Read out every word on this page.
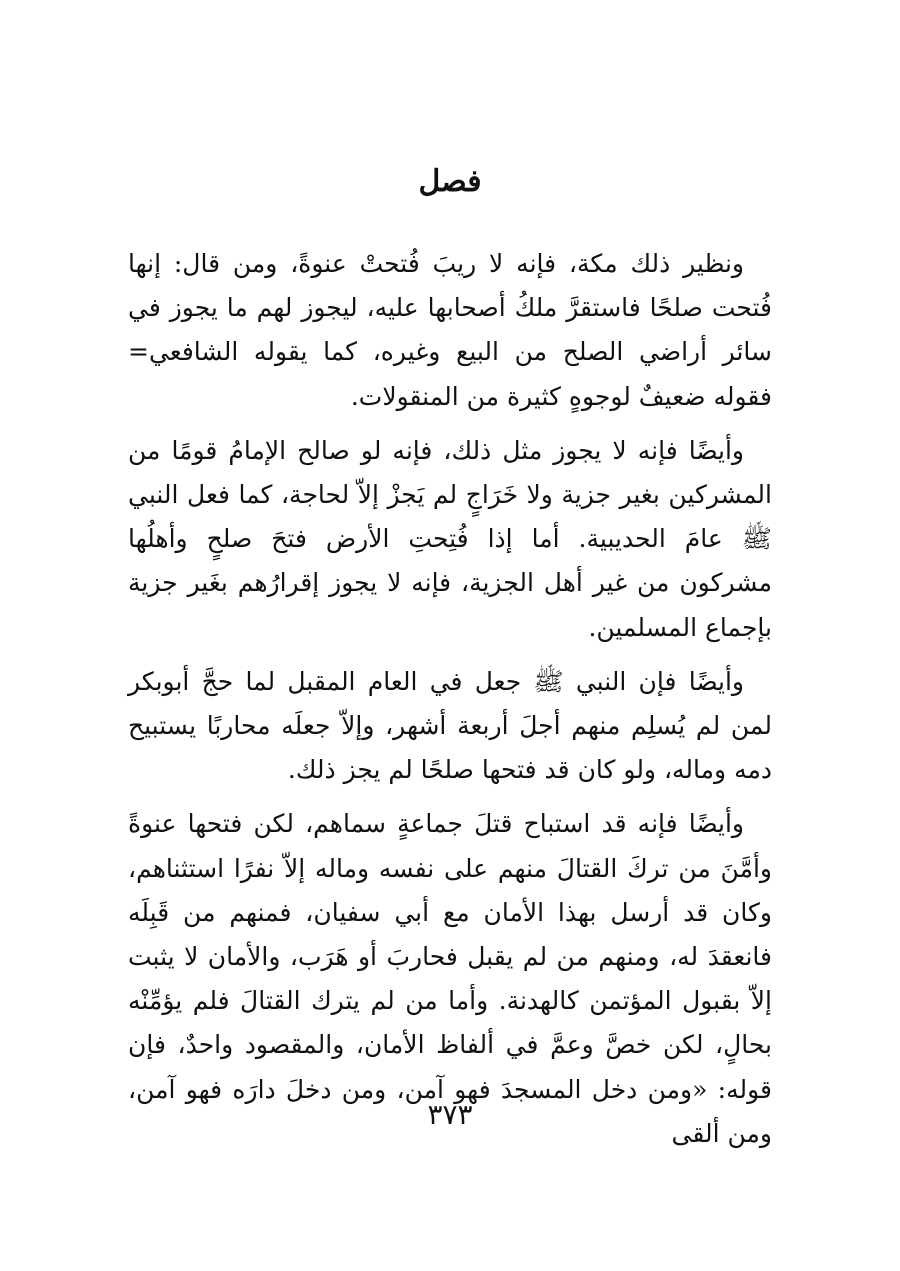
فصل

ونظير ذلك مكة، فإنه لا ريبَ فُتحتْ عنوةً، ومن قال: إنها فُتحت صلحًا فاستقرَّ ملكُ أصحابها عليه، ليجوز لهم ما يجوز في سائر أراضي الصلح من البيع وغيره، كما يقوله الشافعي= فقوله ضعيفٌ لوجوهٍ كثيرة من المنقولات.

وأيضًا فإنه لا يجوز مثل ذلك، فإنه لو صالح الإمامُ قومًا من المشركين بغير جزية ولا خَرَاجٍ لم يَجزْ إلاّ لحاجة، كما فعل النبي ﷺ عامَ الحديبية. أما إذا فُتِحتِ الأرض فتحَ صلحٍ وأهلُها مشركون من غير أهل الجزية، فإنه لا يجوز إقرارُهم بغَير جزية بإجماع المسلمين.

وأيضًا فإن النبي ﷺ جعل في العام المقبل لما حجَّ أبوبكر لمن لم يُسلِم منهم أجلَ أربعة أشهر، وإلاّ جعلَه محاربًا يستبيح دمه وماله، ولو كان قد فتحها صلحًا لم يجز ذلك.

وأيضًا فإنه قد استباح قتلَ جماعةٍ سماهم، لكن فتحها عنوةً وأمَّنَ من تركَ القتالَ منهم على نفسه وماله إلاّ نفرًا استثناهم، وكان قد أرسل بهذا الأمان مع أبي سفيان، فمنهم من قَبِلَه فانعقدَ له، ومنهم من لم يقبل فحاربَ أو هَرَب، والأمان لا يثبت إلاّ بقبول المؤتمن كالهدنة. وأما من لم يترك القتالَ فلم يؤمِّنْه بحالٍ، لكن خصَّ وعمَّ في ألفاظ الأمان، والمقصود واحدٌ، فإن قوله: «ومن دخل المسجدَ فهو آمن، ومن دخلَ دارَه فهو آمن، ومن ألقى

٣٧٣
